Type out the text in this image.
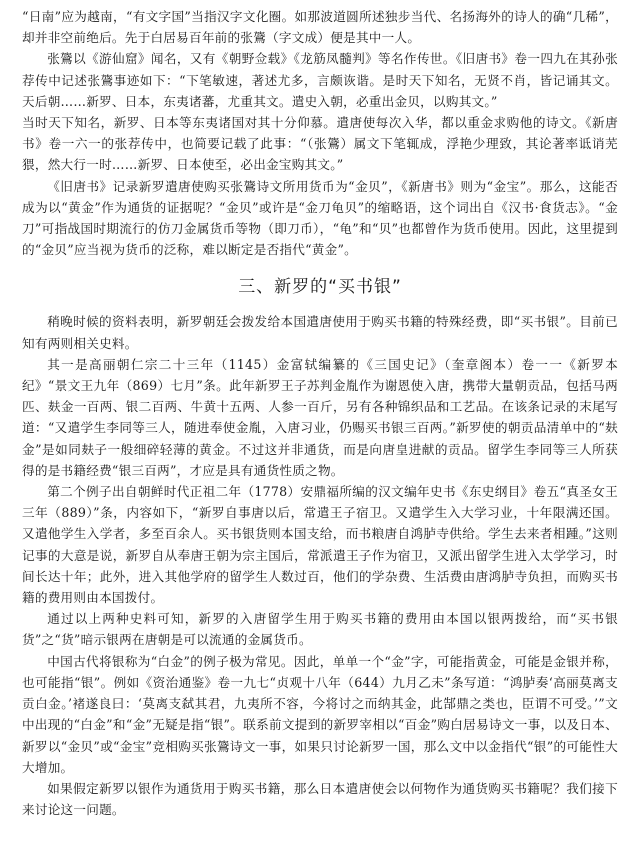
“日南”应为越南，“有文字国”当指汉字文化圈。如那波道圆所述独步当代、名扬海外的诗人的确“几稀”，却并非空前绝后。先于白居易百年前的张鷟（字文成）便是其中一人。

张鷟以《游仙窟》闻名，又有《朝野佥载》《龙筋凤髓判》等名作传世。《旧唐书》卷一四九在其孙张荐传中记述张鷟事迹如下：“下笔敏速，著述尤多，言颇诙谐。是时天下知名，无贤不肖，皆记诵其文。天后朝……新罗、日本，东夷诸蕃，尤重其文。遣史入朝，必重出金贝，以购其文。”

当时天下知名，新罗、日本等东夷诸国对其十分仰慕。遣唐使每次入华，都以重金求购他的诗文。《新唐书》卷一六一的张荐传中，也简要记载了此事：“（张鷟）属文下笔辄成，浮艳少理致，其论著率诋诮芜猥，然大行一时……新罗、日本使至，必出金宝购其文。”

《旧唐书》记录新罗遣唐使购买张鷟诗文所用货币为“金贝”，《新唐书》则为“金宝”。那么，这能否成为以“黄金”作为通货的证据呢？“金贝”或许是“金刀龟贝”的缩略语，这个词出自《汉书·食货志》。“金刀”可指战国时期流行的仿刀金属货币等物（即刀币），“龟”和“贝”也都曾作为货币使用。因此，这里提到的“金贝”应当视为货币的泛称，难以断定是否指代“黄金”。

三、新罗的“买书银”

稍晚时候的资料表明，新罗朝廷会拨发给本国遣唐使用于购买书籍的特殊经费，即“买书银”。目前已知有两则相关史料。

其一是高丽朝仁宗二十三年（1145）金富轼编纂的《三国史记》（奎章阁本）卷一一《新罗本纪》“景文王九年（869）七月”条。此年新罗王子苏判金胤作为谢恩使入唐，携带大量朝贡品，包括马两匹、麸金一百两、银二百两、牛黄十五两、人参一百斤，另有各种锦织品和工艺品。在该条记录的末尾写道：“又遣学生李同等三人，随进奉使金胤，入唐习业，仍赐买书银三百两。”新罗使的朝贡品清单中的“麸金”是如同麸子一般细碎轻薄的黄金。不过这并非通货，而是向唐皇进献的贡品。留学生李同等三人所获得的是书籍经费“银三百两”，才应是具有通货性质之物。

第二个例子出自朝鲜时代正祖二年（1778）安鼎福所编的汉文编年史书《东史纲目》卷五“真圣女王三年（889）”条，内容如下，“新罗自事唐以后，常遣王子宿卫。又遣学生入大学习业，十年限满还国。又遣他学生入学者，多至百余人。买书银货则本国支给，而书粮唐自鸿胪寺供给。学生去来者相踵。”这则记事的大意是说，新罗自从奉唐王朝为宗主国后，常派遣王子作为宿卫，又派出留学生进入太学学习，时间长达十年；此外，进入其他学府的留学生人数过百，他们的学杂费、生活费由唐鸿胪寺负担，而购买书籍的费用则由本国拨付。

通过以上两种史料可知，新罗的入唐留学生用于购买书籍的费用由本国以银两拨给，而“买书银货”之“货”暗示银两在唐朝是可以流通的金属货币。

中国古代将银称为“白金”的例子极为常见。因此，单单一个“金”字，可能指黄金，可能是金银并称，也可能指“银”。例如《资治通鉴》卷一九七“贞观十八年（644）九月乙未”条写道：“鸿胪奏‘高丽莫离支贡白金。’褚遂良曰：‘莫离支弑其君，九夷所不容，今将讨之而纳其金，此郜鼎之类也，臣谓不可受。’”文中出现的“白金”和“金”无疑是指“银”。联系前文提到的新罗宰相以“百金”购白居易诗文一事，以及日本、新罗以“金贝”或“金宝”竞相购买张鷟诗文一事，如果只讨论新罗一国，那么文中以金指代“银”的可能性大大增加。

如果假定新罗以银作为通货用于购买书籍，那么日本遣唐使会以何物作为通货购买书籍呢？我们接下来讨论这一问题。
